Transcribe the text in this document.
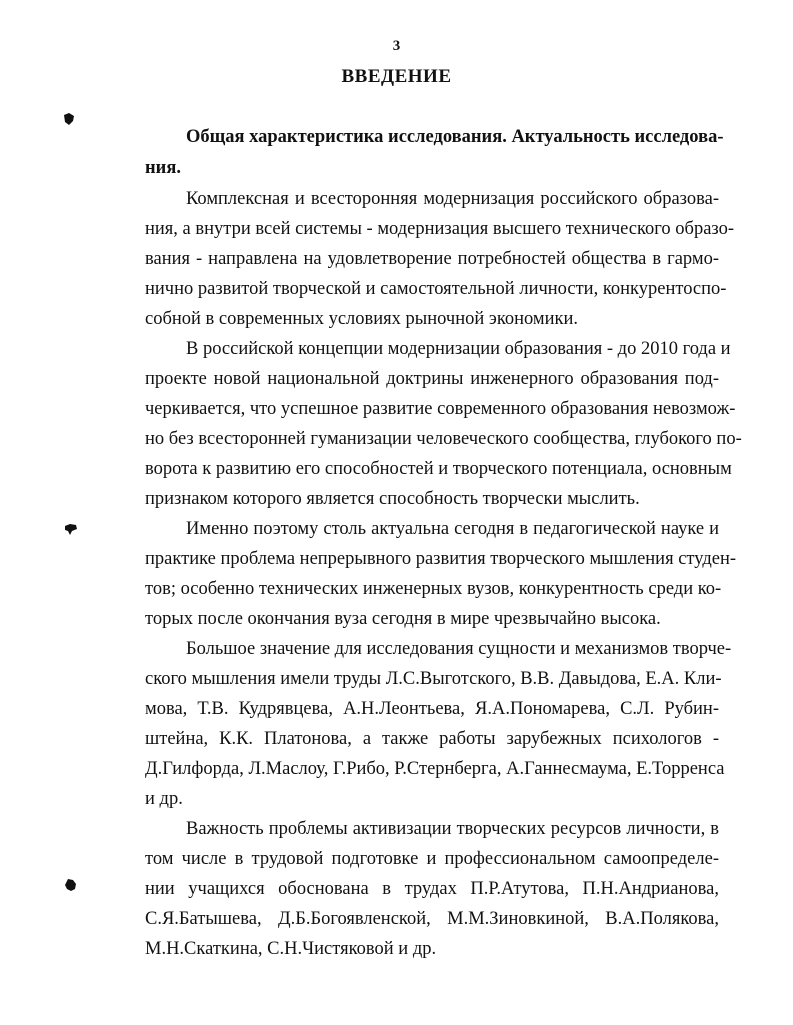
3
ВВЕДЕНИЕ
Общая характеристика исследования. Актуальность исследова-
ния.
Комплексная и всесторонняя модернизация российского образова-
ния, а внутри всей системы - модернизация высшего технического образо-
вания - направлена на удовлетворение потребностей общества в гармо-
нично развитой творческой и самостоятельной личности, конкурентоспо-
собной в современных условиях рыночной экономики.
В российской концепции модернизации образования - до 2010 года и
проекте новой национальной доктрины инженерного образования под-
черкивается, что успешное развитие современного образования невозмож-
но без всесторонней гуманизации человеческого сообщества, глубокого по-
ворота к развитию его способностей и творческого потенциала, основным
признаком которого является способность творчески мыслить.
Именно поэтому столь актуальна сегодня в педагогической науке и
практике проблема непрерывного развития творческого мышления студен-
тов; особенно технических инженерных вузов, конкурентность среди ко-
торых после окончания вуза сегодня в мире чрезвычайно высока.
Большое значение для исследования сущности и механизмов творче-
ского мышления имели труды Л.С.Выготского, В.В. Давыдова, Е.А. Кли-
мова, Т.В. Кудрявцева, А.Н.Леонтьева, Я.А.Пономарева, С.Л. Рубин-
штейна, К.К. Платонова, а также работы зарубежных психологов -
Д.Гилфорда, Л.Маслоу, Г.Рибо, Р.Стернберга, А.Ганнесмаума, Е.Торренса
и др.
Важность проблемы активизации творческих ресурсов личности, в
том числе в трудовой подготовке и профессиональном самоопределе-
нии учащихся обоснована в трудах П.Р.Атутова, П.Н.Андрианова,
С.Я.Батышева, Д.Б.Богоявленской, М.М.Зиновкиной, В.А.Полякова,
М.Н.Скаткина, С.Н.Чистяковой и др.
